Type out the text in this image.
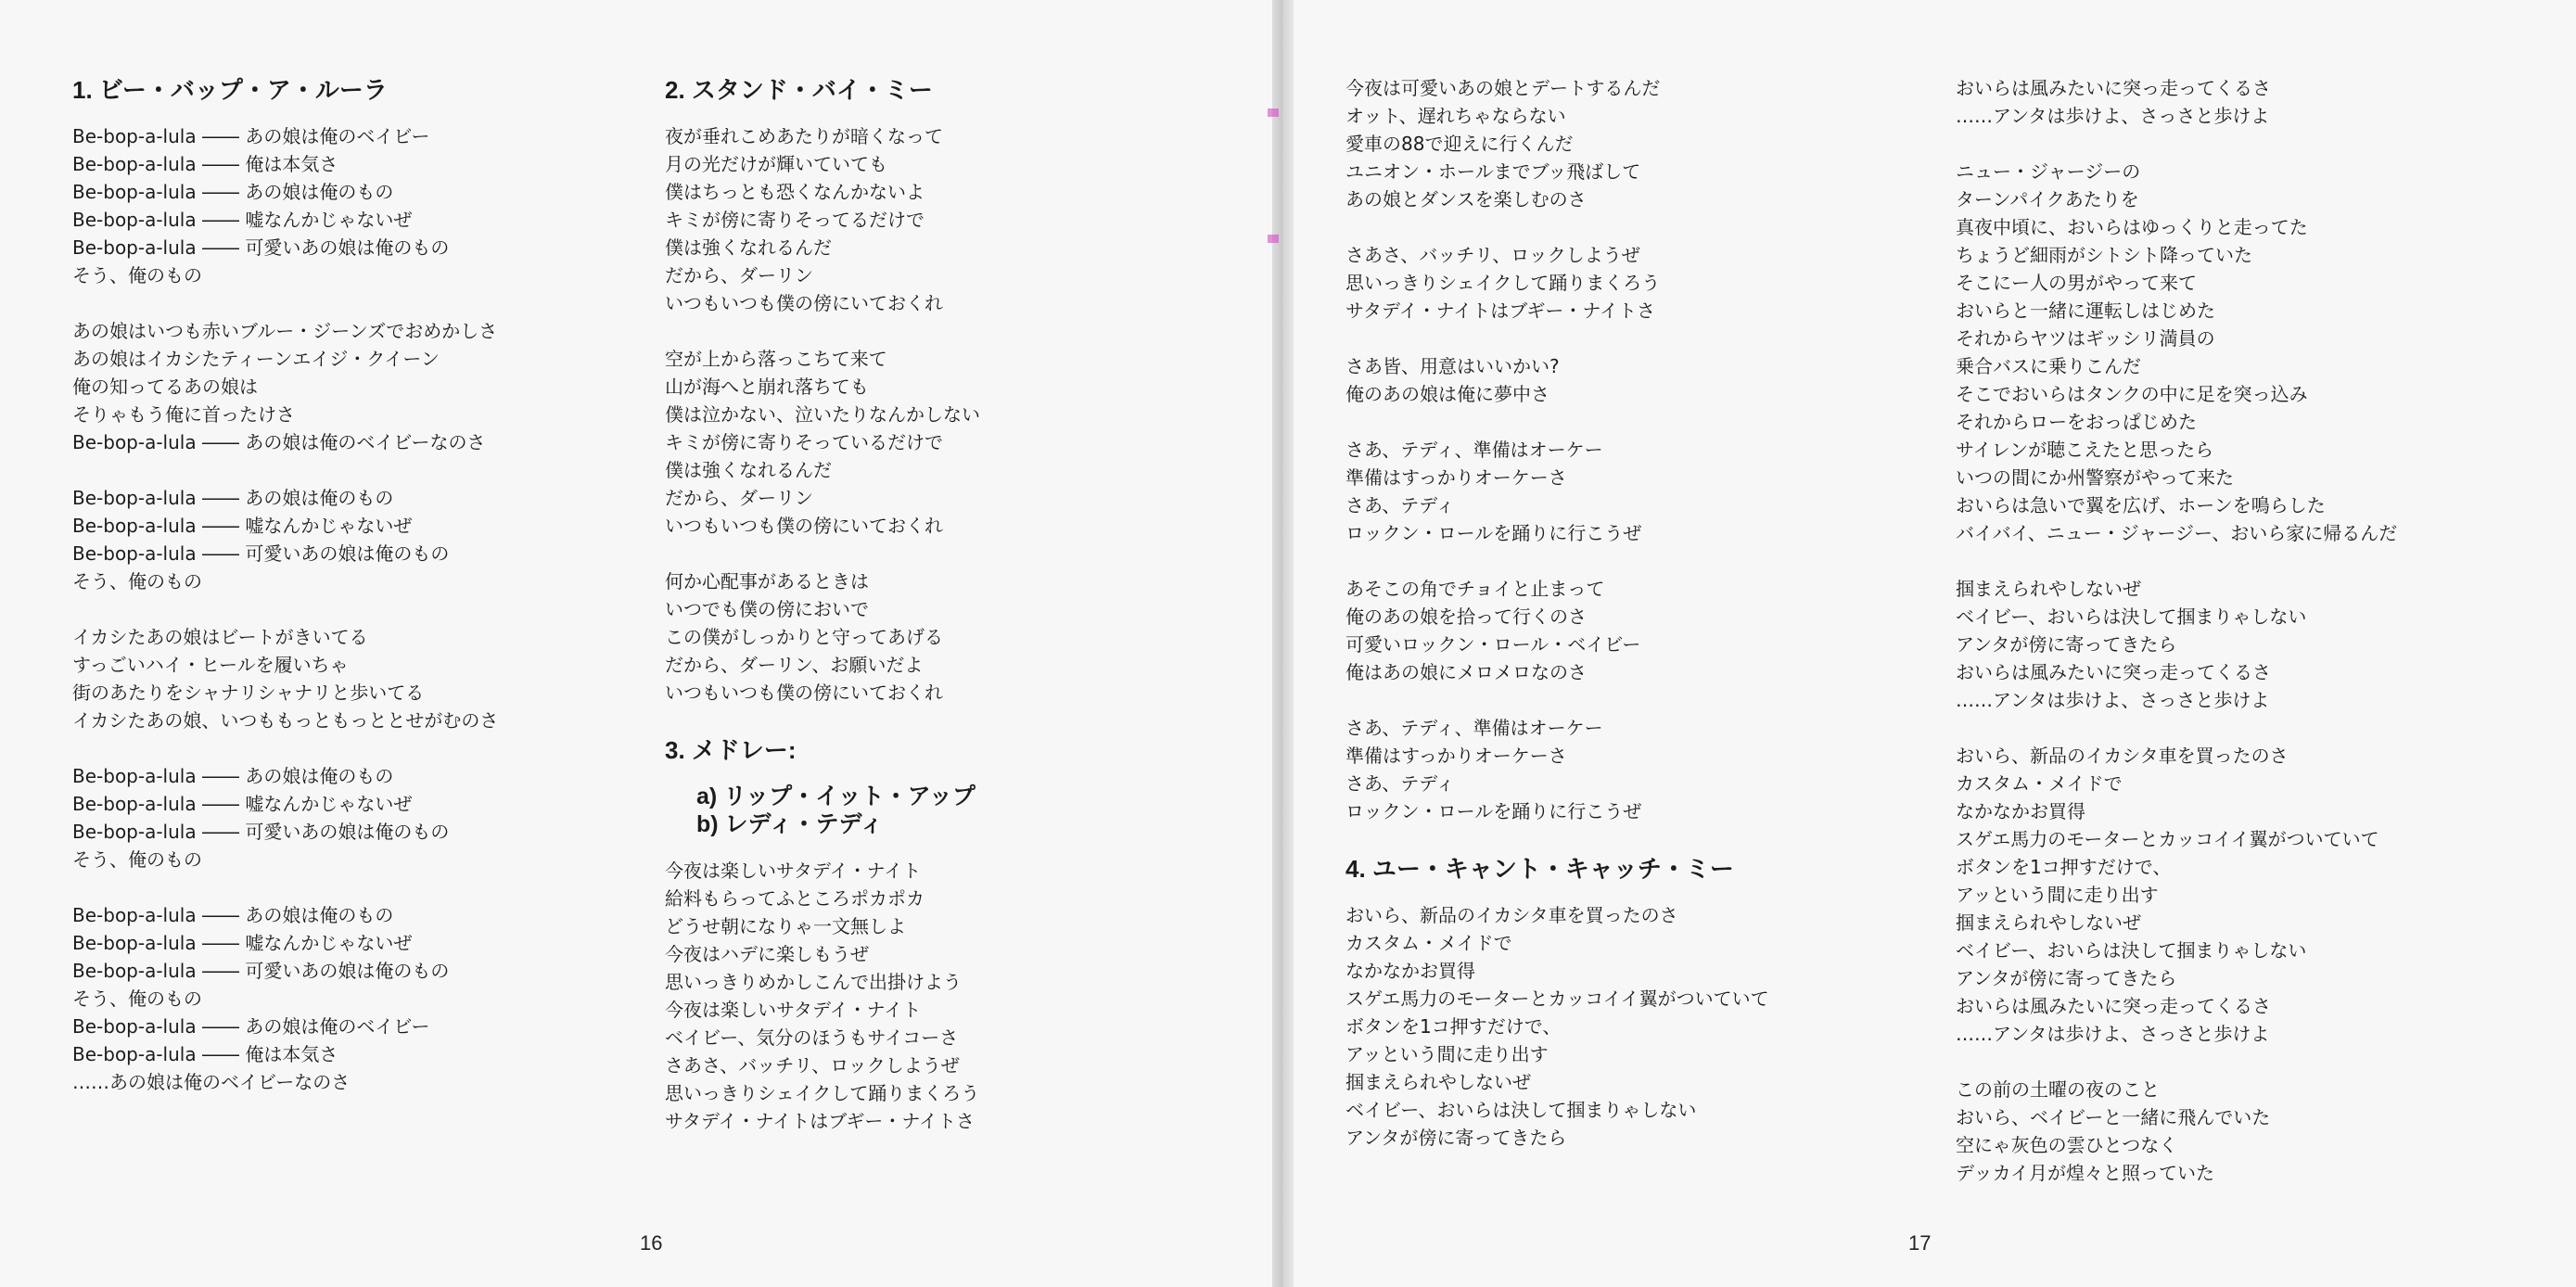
1. ビー・バップ・ア・ルーラ
Be-bop-a-lula ―― あの娘は俺のベイビー
Be-bop-a-lula ―― 俺は本気さ
Be-bop-a-lula ―― あの娘は俺のもの
Be-bop-a-lula ―― 嘘なんかじゃないぜ
Be-bop-a-lula ―― 可愛いあの娘は俺のもの
そう、俺のもの
あの娘はいつも赤いブルー・ジーンズでおめかしさ
あの娘はイカシたティーンエイジ・クイーン
俺の知ってるあの娘は
そりゃもう俺に首ったけさ
Be-bop-a-lula ―― あの娘は俺のベイビーなのさ
Be-bop-a-lula ―― あの娘は俺のもの
Be-bop-a-lula ―― 嘘なんかじゃないぜ
Be-bop-a-lula ―― 可愛いあの娘は俺のもの
そう、俺のもの
イカシたあの娘はビートがきいてる
すっごいハイ・ヒールを履いちゃ
街のあたりをシャナリシャナリと歩いてる
イカシたあの娘、いつももっともっととせがむのさ
Be-bop-a-lula ―― あの娘は俺のもの
Be-bop-a-lula ―― 嘘なんかじゃないぜ
Be-bop-a-lula ―― 可愛いあの娘は俺のもの
そう、俺のもの
Be-bop-a-lula ―― あの娘は俺のもの
Be-bop-a-lula ―― 嘘なんかじゃないぜ
Be-bop-a-lula ―― 可愛いあの娘は俺のもの
そう、俺のもの
Be-bop-a-lula ―― あの娘は俺のベイビー
Be-bop-a-lula ―― 俺は本気さ
……あの娘は俺のベイビーなのさ
2. スタンド・バイ・ミー
夜が垂れこめあたりが暗くなって
月の光だけが輝いていても
僕はちっとも恐くなんかないよ
キミが傍に寄りそってるだけで
僕は強くなれるんだ
だから、ダーリン
いつもいつも僕の傍にいておくれ
空が上から落っこちて来て
山が海へと崩れ落ちても
僕は泣かない、泣いたりなんかしない
キミが傍に寄りそっているだけで
僕は強くなれるんだ
だから、ダーリン
いつもいつも僕の傍にいておくれ
何か心配事があるときは
いつでも僕の傍においで
この僕がしっかりと守ってあげる
だから、ダーリン、お願いだよ
いつもいつも僕の傍にいておくれ
3. メドレー:
a) リップ・イット・アップ
b) レディ・テディ
今夜は楽しいサタデイ・ナイト
給料もらってふところポカポカ
どうせ朝になりゃ一文無しよ
今夜はハデに楽しもうぜ
思いっきりめかしこんで出掛けよう
今夜は楽しいサタデイ・ナイト
ベイビー、気分のほうもサイコーさ
さあさ、バッチリ、ロックしようぜ
思いっきりシェイクして踊りまくろう
サタデイ・ナイトはブギー・ナイトさ
16
今夜は可愛いあの娘とデートするんだ
オット、遅れちゃならない
愛車の88で迎えに行くんだ
ユニオン・ホールまでブッ飛ばして
あの娘とダンスを楽しむのさ
さあさ、バッチリ、ロックしようぜ
思いっきりシェイクして踊りまくろう
サタデイ・ナイトはブギー・ナイトさ
さあ皆、用意はいいかい?
俺のあの娘は俺に夢中さ
さあ、テディ、準備はオーケー
準備はすっかりオーケーさ
さあ、テディ
ロックン・ロールを踊りに行こうぜ
あそこの角でチョイと止まって
俺のあの娘を拾って行くのさ
可愛いロックン・ロール・ベイビー
俺はあの娘にメロメロなのさ
さあ、テディ、準備はオーケー
準備はすっかりオーケーさ
さあ、テディ
ロックン・ロールを踊りに行こうぜ
4. ユー・キャント・キャッチ・ミー
おいら、新品のイカシタ車を買ったのさ
カスタム・メイドで
なかなかお買得
スゲエ馬力のモーターとカッコイイ翼がついていて
ボタンを1コ押すだけで、
アッという間に走り出す
掴まえられやしないぜ
ベイビー、おいらは決して掴まりゃしない
アンタが傍に寄ってきたら
おいらは風みたいに突っ走ってくるさ
……アンタは歩けよ、さっさと歩けよ
ニュー・ジャージーの
ターンパイクあたりを
真夜中頃に、おいらはゆっくりと走ってた
ちょうど細雨がシトシト降っていた
そこにー人の男がやって来て
おいらと一緒に運転しはじめた
それからヤツはギッシリ満員の
乗合バスに乗りこんだ
そこでおいらはタンクの中に足を突っ込み
それからローをおっぱじめた
サイレンが聴こえたと思ったら
いつの間にか州警察がやって来た
おいらは急いで翼を広げ、ホーンを鳴らした
バイバイ、ニュー・ジャージー、おいら家に帰るんだ
掴まえられやしないぜ
ベイビー、おいらは決して掴まりゃしない
アンタが傍に寄ってきたら
おいらは風みたいに突っ走ってくるさ
……アンタは歩けよ、さっさと歩けよ
おいら、新品のイカシタ車を買ったのさ
カスタム・メイドで
なかなかお買得
スゲエ馬力のモーターとカッコイイ翼がついていて
ボタンを1コ押すだけで、
アッという間に走り出す
掴まえられやしないぜ
ベイビー、おいらは決して掴まりゃしない
アンタが傍に寄ってきたら
おいらは風みたいに突っ走ってくるさ
……アンタは歩けよ、さっさと歩けよ
この前の土曜の夜のこと
おいら、ベイビーと一緒に飛んでいた
空にゃ灰色の雲ひとつなく
デッカイ月が煌々と照っていた
17
